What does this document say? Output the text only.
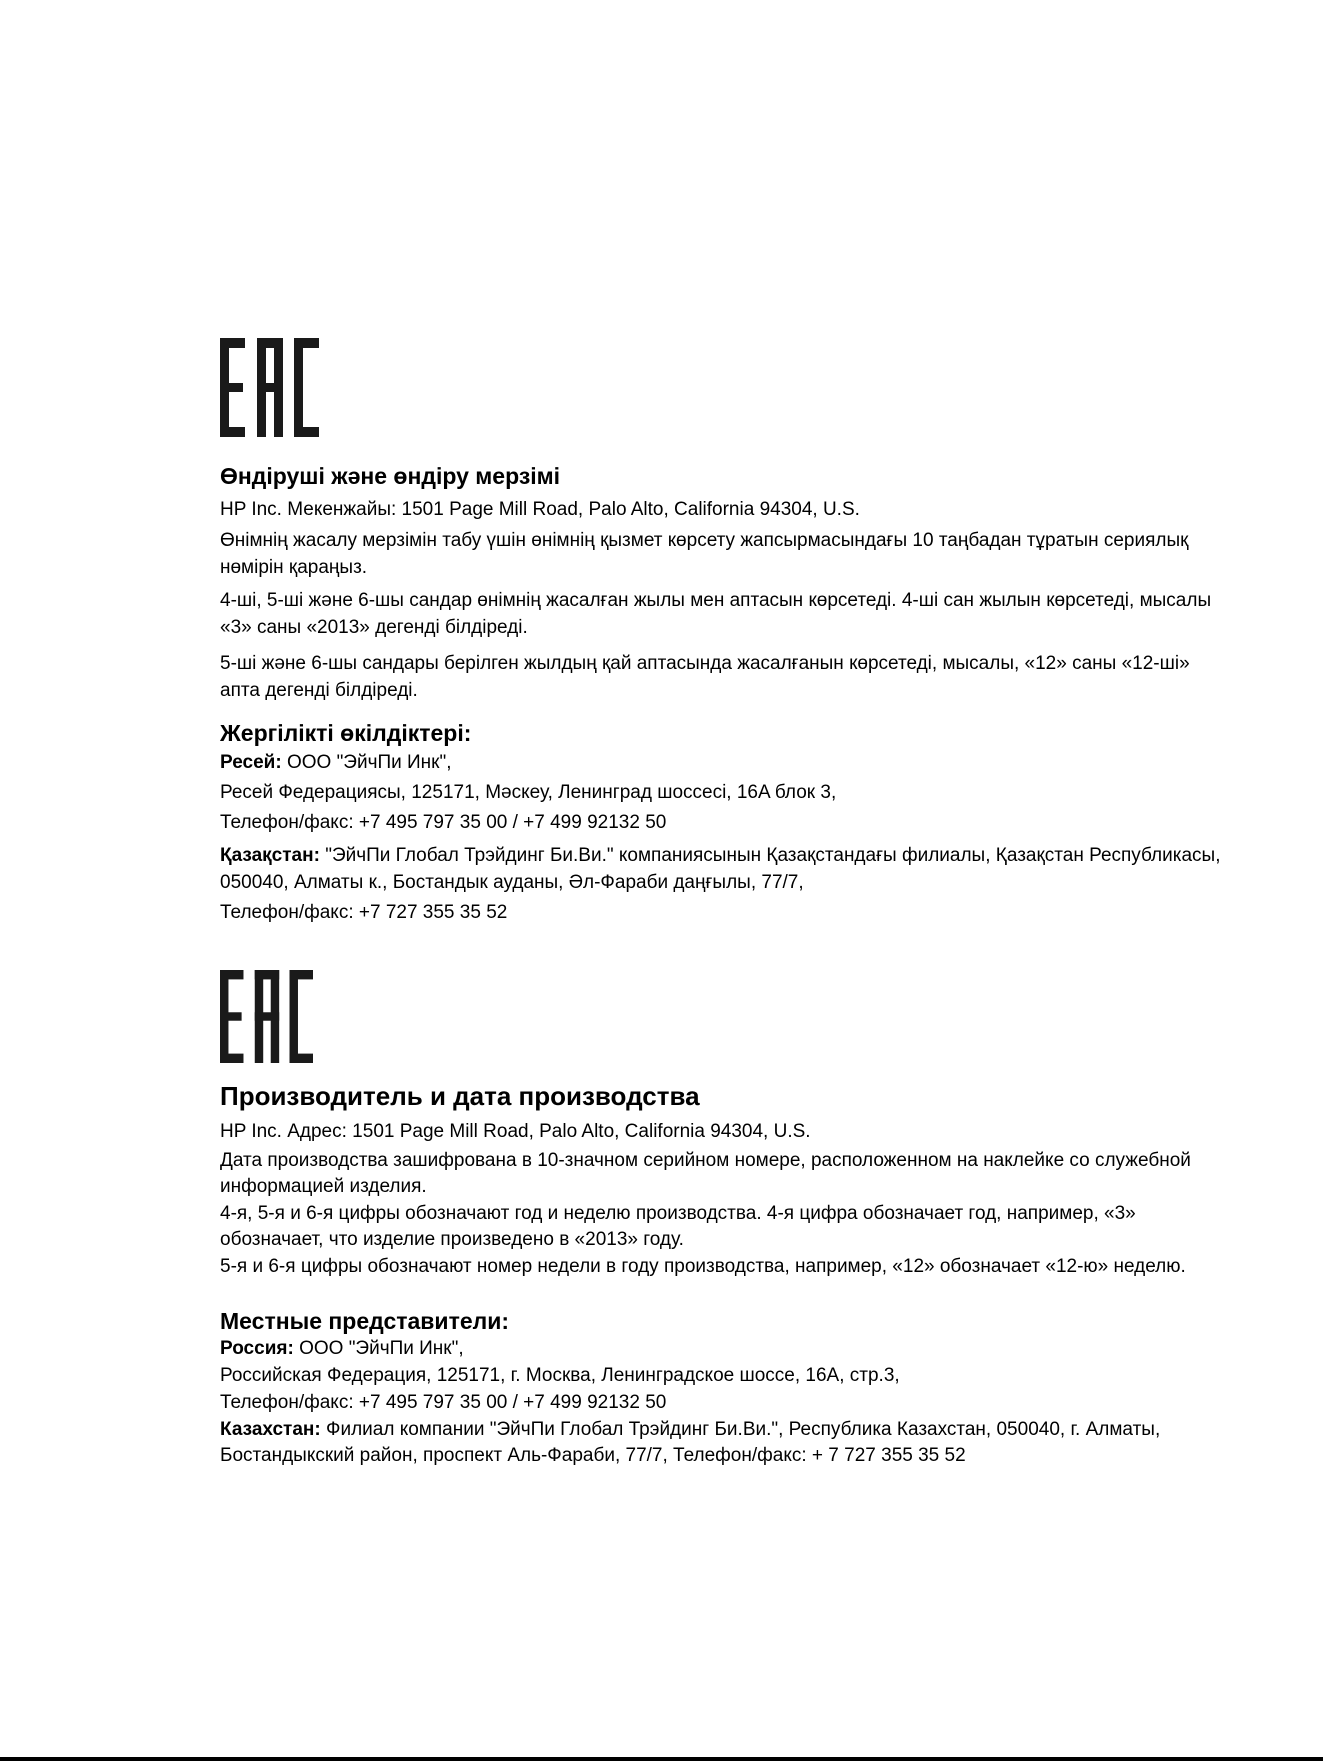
Өндіруші және өндіру мерзімі

HP Inc. Мекенжайы: 1501 Page Mill Road, Palo Alto, California 94304, U.S.

Өнімнің жасалу мерзімін табу үшін өнімнің қызмет көрсету жапсырмасындағы 10 таңбадан тұратын сериялық нөмірін қараңыз.

4-ші, 5-ші және 6-шы сандар өнімнің жасалған жылы мен аптасын көрсетеді. 4-ші сан жылын көрсетеді, мысалы «3» саны «2013» дегенді білдіреді.

5-ші және 6-шы сандары берілген жылдың қай аптасында жасалғанын көрсетеді, мысалы, «12» саны «12-ші» апта дегенді білдіреді.

Жергілікті өкілдіктері:

Ресей: ООО "ЭйчПи Инк",

Ресей Федерациясы, 125171, Мәскеу, Ленинград шоссесі, 16A блок 3,

Телефон/факс: +7 495 797 35 00 / +7 499 92132 50

Қазақстан: "ЭйчПи Глобал Трэйдинг Би.Ви." компаниясынын Қазақстандағы филиалы, Қазақстан Республикасы, 050040, Алматы к., Бостандык ауданы, Әл-Фараби даңғылы, 77/7,

Телефон/факс: +7 727 355 35 52

Производитель и дата производства

HP Inc. Адрес: 1501 Page Mill Road, Palo Alto, California 94304, U.S.

Дата производства зашифрована в 10-значном серийном номере, расположенном на наклейке со служебной информацией изделия.

4-я, 5-я и 6-я цифры обозначают год и неделю производства. 4-я цифра обозначает год, например, «3» обозначает, что изделие произведено в «2013» году.

5-я и 6-я цифры обозначают номер недели в году производства, например, «12» обозначает «12-ю» неделю.

Местные представители:

Россия: ООО "ЭйчПи Инк",

Российская Федерация, 125171, г. Москва, Ленинградское шоссе, 16A, стр.3,

Телефон/факс: +7 495 797 35 00 / +7 499 92132 50

Казахстан: Филиал компании "ЭйчПи Глобал Трэйдинг Би.Ви.", Республика Казахстан, 050040, г. Алматы, Бостандыкский район, проспект Аль-Фараби, 77/7, Телефон/факс: + 7 727 355 35 52
